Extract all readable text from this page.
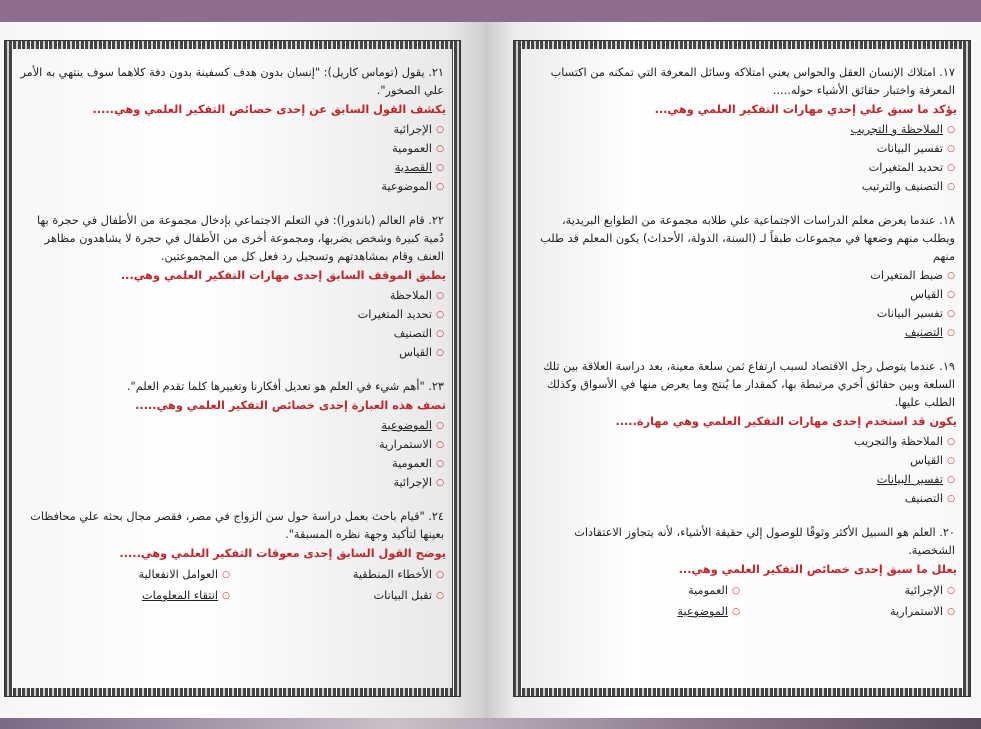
٢١. يقول (توماس كاريل): "إنسان بدون هدف كسفينة بدون دفة كلاهما سوف ينتهي به الأمر علي الصخور".

يكشف القول السابق عن إحدى خصائص التفكير العلمي وهي.....

○
الإجرائية
○
العمومية
○
القصدية
○
الموضوعية

٢٢. قام العالم (باندورا): في التعلم الاجتماعي بإدخال مجموعة من الأطفال في حجرة بها دُمية كبيرة وشخص يضربها، ومجموعة أخرى من الأطفال في حجرة لا يشاهدون مظاهر العنف وقام بمشاهدتهم وتسجيل رد فعل كل من المجموعتين.

يطبق الموقف السابق إحدى مهارات التفكير العلمي وهي...

○
الملاحظة
○
تحديد المتغيرات
○
التصنيف
○
القياس

٢٣. "أهم شيء في العلم هو تعديل أفكارنا وتغييرها كلما تقدم العلم".

تصف هذه العبارة إحدى خصائص التفكير العلمي وهي.....

○
الموضوعية
○
الاستمرارية
○
العمومية
○
الإجرائية

٢٤. "قيام باحث بعمل دراسة حول سن الزواج في مصر، فقصر مجال بحثه علي محافظات بعينها لتأكيد وجهة نظره المسبقة".

يوضح القول السابق إحدى معوقات التفكير العلمي وهي.....

○
الأخطاء المنطقية
○
العوامل الانفعالية
○
تقبل البيانات
○
انتقاء المعلومات

١٧. امتلاك الإنسان العقل والحواس يعني امتلاكه وسائل المعرفة التي تمكنه من اكتساب المعرفة واختبار حقائق الأشياء حوله.....

يؤكد ما سبق علي إحدي مهارات التفكير العلمي وهي...

○
الملاحظة و التجريب
○
تفسير البيانات
○
تحديد المتغيرات
○
التصنيف والترتيب

١٨. عندما يعرض معلم الدراسات الاجتماعية علي طلابه مجموعة من الطوابع البريدية، ويطلب منهم وضعها في مجموعات طبقاً لـ (السنة، الدولة، الأحداث) يكون المعلم قد طلب منهم

○
ضبط المتغيرات
○
القياس
○
تفسير البيانات
○
التصنيف

١٩. عندما يتوصل رجل الاقتصاد لسبب ارتفاع ثمن سلعة معينة، بعد دراسة العلاقة بين تلك السلعة وبين حقائق أخري مرتبطة بها، كمقدار ما يُنتج وما يعرض منها في الأسواق وكذلك الطلب عليها.

يكون قد استخدم إحدى مهارات التفكير العلمي وهي مهارة.....

○
الملاحظة والتجريب
○
القياس
○
تفسير البيانات
○
التصنيف

٢٠. العلم هو السبيل الأكثر وثوقًا للوصول إلي حقيقة الأشياء، لأنه يتجاوز الاعتقادات الشخصية.

يعلل ما سبق إحدى خصائص التفكير العلمي وهي...

○
الإجرائية
○
العمومية
○
الاستمرارية
○
الموضوعية
